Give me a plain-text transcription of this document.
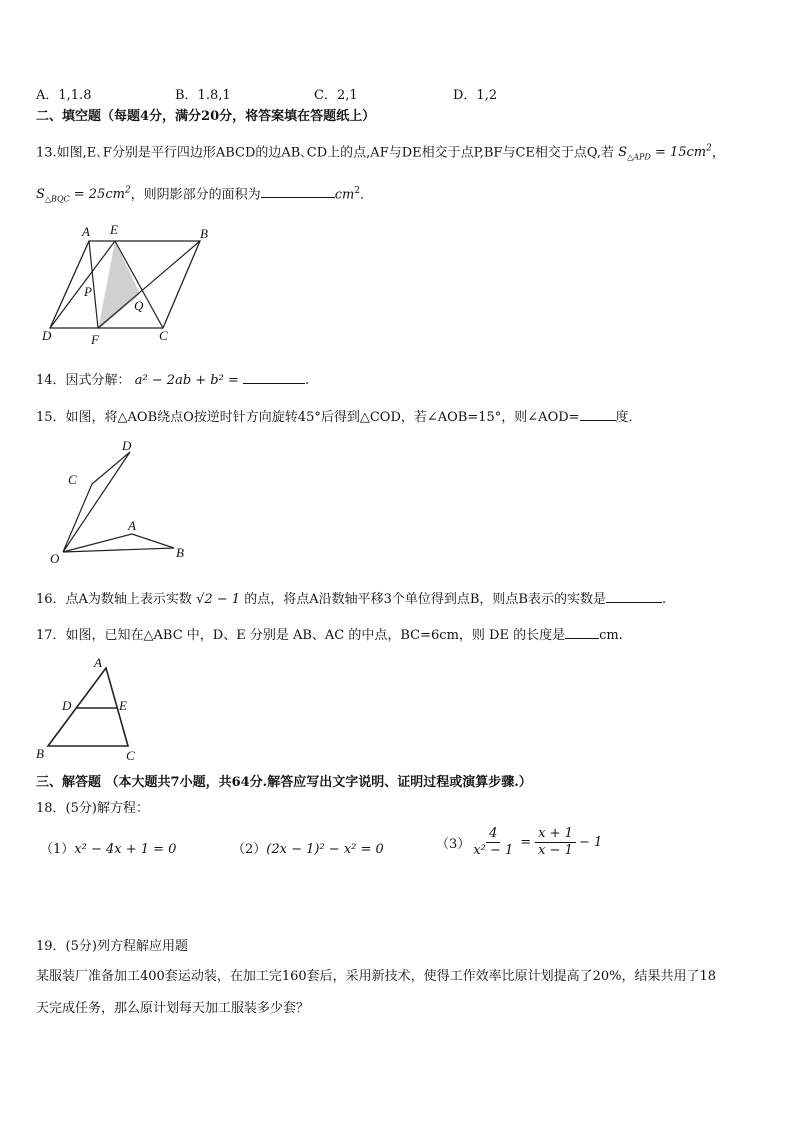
A．1,1.8	B．1.8,1	C．2,1	D．1,2
二、填空题（每题4分，满分20分，将答案填在答题纸上）
13.如图,E､F分别是平行四边形ABCD的边AB､CD上的点,AF与DE相交于点P,BF与CE相交于点Q,若 $S_{\triangle APD} = 15cm^2$，
$S_{\triangle BQC} = 25cm^2$，则阴影部分的面积为	$cm^2$．
A E	B
P
Q
D	F	C
14．因式分解： a² − 2ab + b² =	.
15．如图，将△AOB绕点O按逆时针方向旋转45°后得到△COD，若∠AOB=15°，则∠AOD=	度．
D
C
A
O	B
16．点A为数轴上表示实数 √2 − 1 的点，将点A沿数轴平移3个单位得到点B，则点B表示的实数是	.
17．如图，已知在△ABC 中，D、E 分别是 AB、AC 的中点，BC=6cm，则 DE 的长度是	cm.
A
D	E
B	C
三、解答题 （本大题共7小题，共64分.解答应写出文字说明、证明过程或演算步骤.）
18．(5分)解方程：
（1）x² − 4x + 1 = 0	（2）(2x − 1)² − x² = 0	$(3) \frac{4}{\text{x² − 1}} = \frac{x + 1}{x - 1} - 1$
19．(5分)列方程解应用题
某服装厂准备加工400套运动装，在加工完160套后，采用新技术，使得工作效率比原计划提高了20%，结果共用了18
天完成任务，那么原计划每天加工服装多少套？
